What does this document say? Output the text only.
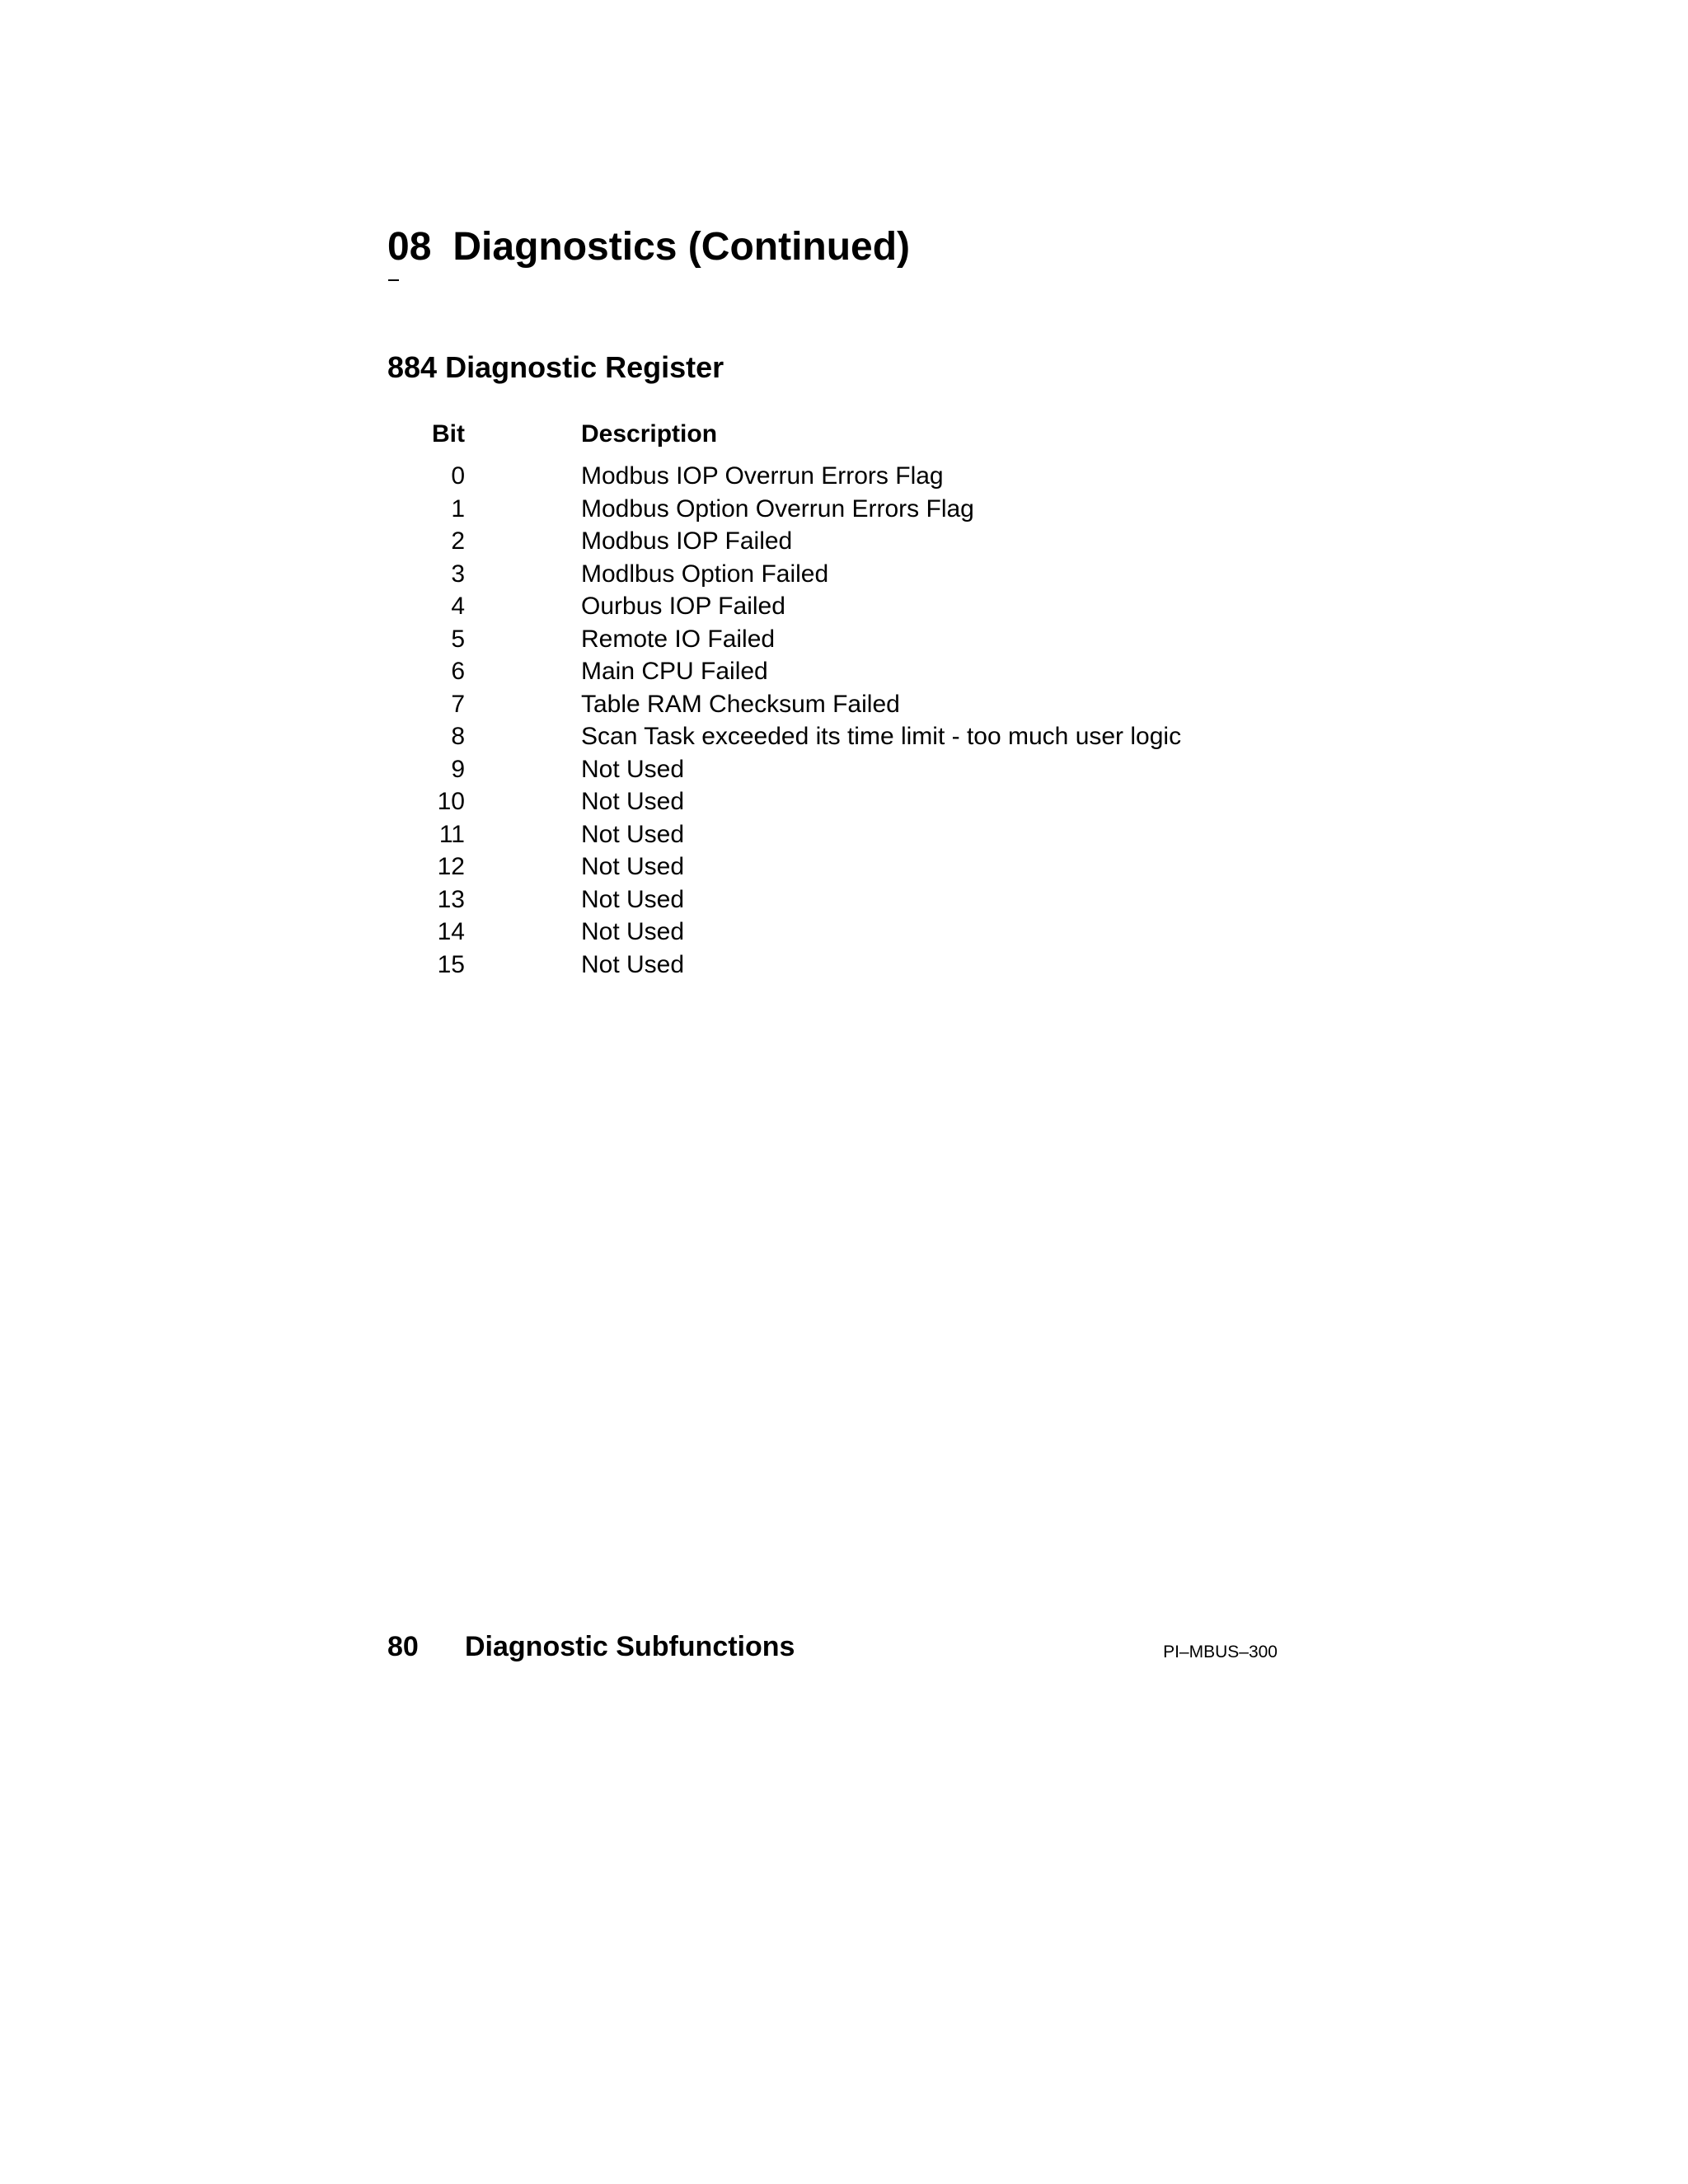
08 Diagnostics (Continued)
884 Diagnostic Register
Bit	Description
0	Modbus IOP Overrun Errors Flag
1	Modbus Option Overrun Errors Flag
2	Modbus IOP Failed
3	Modlbus Option Failed
4	Ourbus IOP Failed
5	Remote IO Failed
6	Main CPU Failed
7	Table RAM Checksum Failed
8	Scan Task exceeded its time limit - too much user logic
9	Not Used
10	Not Used
11	Not Used
12	Not Used
13	Not Used
14	Not Used
15	Not Used
80 Diagnostic Subfunctions	PI–MBUS–300
